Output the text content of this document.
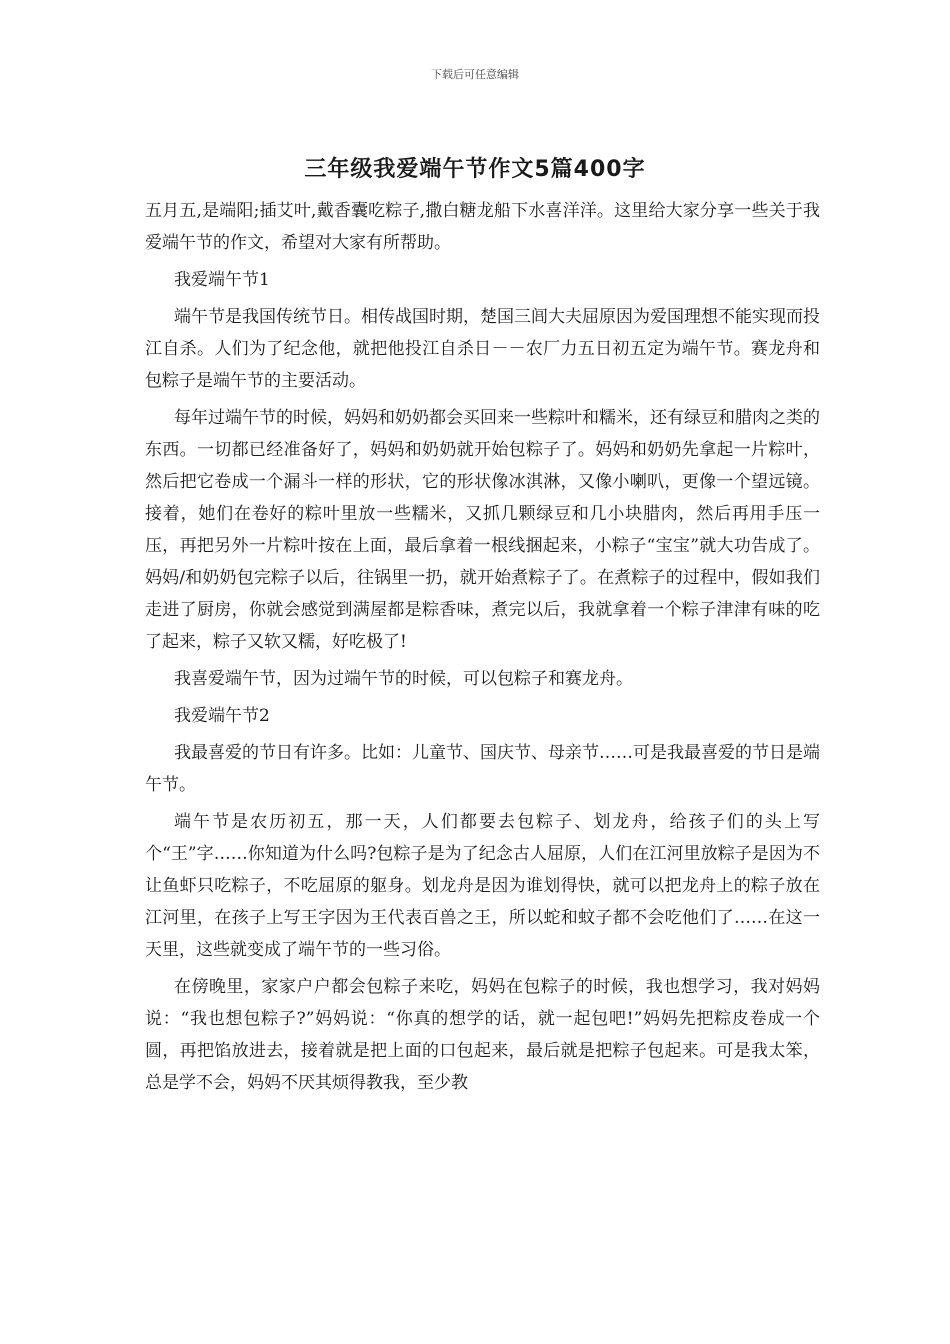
下载后可任意编辑
三年级我爱端午节作文5篇400字

五月五,是端阳;插艾叶,戴香囊吃粽子,撒白糖龙船下水喜洋洋。这里给大家分享一些关于我爱端午节的作文，希望对大家有所帮助。

我爱端午节1

端午节是我国传统节日。相传战国时期，楚国三闾大夫屈原因为爱国理想不能实现而投江自杀。人们为了纪念他，就把他投江自杀日－－农厂力五日初五定为端午节。赛龙舟和包粽子是端午节的主要活动。

每年过端午节的时候，妈妈和奶奶都会买回来一些粽叶和糯米，还有绿豆和腊肉之类的东西。一切都已经准备好了，妈妈和奶奶就开始包粽子了。妈妈和奶奶先拿起一片粽叶，然后把它卷成一个漏斗一样的形状，它的形状像冰淇淋，又像小喇叭，更像一个望远镜。接着，她们在卷好的粽叶里放一些糯米，又抓几颗绿豆和几小块腊肉，然后再用手压一压，再把另外一片粽叶按在上面，最后拿着一根线捆起来，小粽子“宝宝”就大功告成了。妈妈/和奶奶包完粽子以后，往锅里一扔，就开始煮粽子了。在煮粽子的过程中，假如我们走进了厨房，你就会感觉到满屋都是粽香味，煮完以后，我就拿着一个粽子津津有味的吃了起来，粽子又软又糯，好吃极了!

我喜爱端午节，因为过端午节的时候，可以包粽子和赛龙舟。

我爱端午节2

我最喜爱的节日有许多。比如：儿童节、国庆节、母亲节……可是我最喜爱的节日是端午节。

端午节是农历初五，那一天，人们都要去包粽子、划龙舟，给孩子们的头上写个“王”字……你知道为什么吗?包粽子是为了纪念古人屈原，人们在江河里放粽子是因为不让鱼虾只吃粽子，不吃屈原的躯身。划龙舟是因为谁划得快，就可以把龙舟上的粽子放在江河里，在孩子上写王字因为王代表百兽之王，所以蛇和蚊子都不会吃他们了……在这一天里，这些就变成了端午节的一些习俗。

在傍晚里，家家户户都会包粽子来吃，妈妈在包粽子的时候，我也想学习，我对妈妈说：“我也想包粽子?”妈妈说：“你真的想学的话，就一起包吧!”妈妈先把粽皮卷成一个圆，再把馅放进去，接着就是把上面的口包起来，最后就是把粽子包起来。可是我太笨，总是学不会，妈妈不厌其烦得教我，至少教
